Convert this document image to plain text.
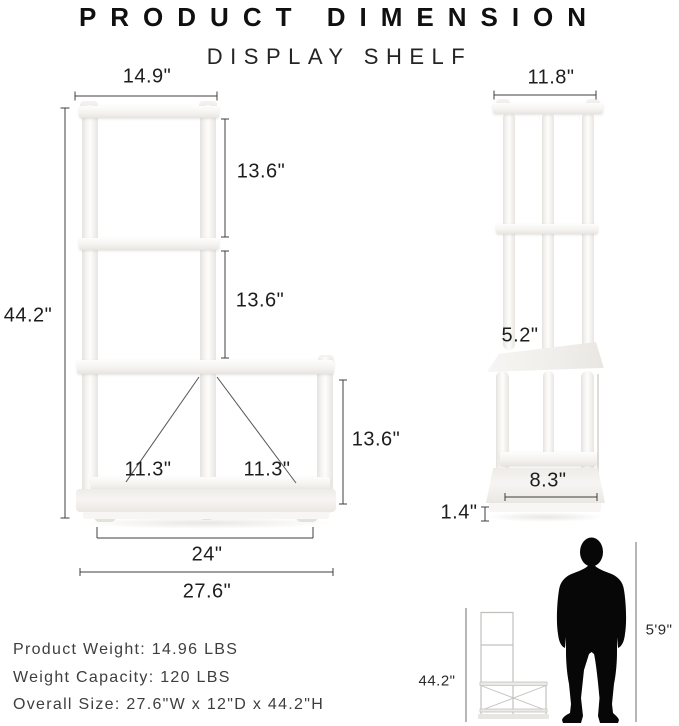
PRODUCT DIMENSION
DISPLAY SHELF
14.9"
44.2"
13.6"
13.6"
13.6"
11.3"	11.3"
24"
27.6"
11.8"
5.2"
8.3"
1.4"
44.2"
5'9"
Product Weight: 14.96 LBS
Weight Capacity: 120 LBS
Overall Size: 27.6"W x 12"D x 44.2"H
